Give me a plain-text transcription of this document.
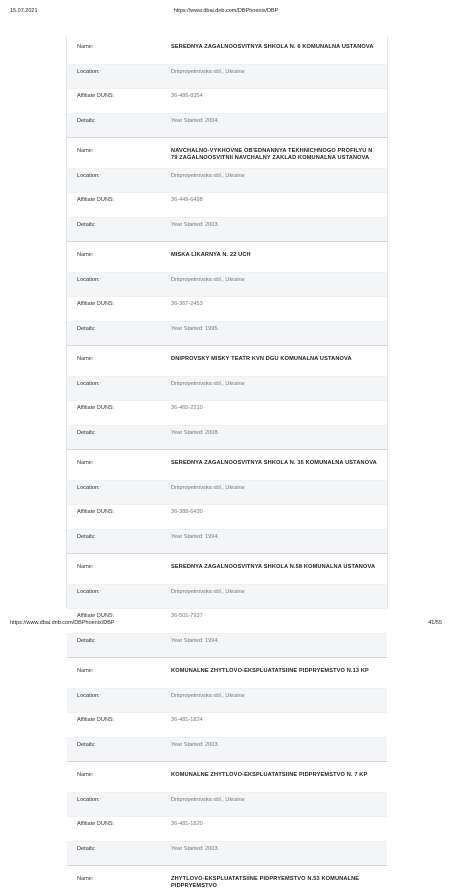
15.07.2021	https://www.dbai.dnb.com/DBPhoenix/DBP
Name:	SEREDNYA ZAGALNOOSVITNYA SHKOLA N. 6 KOMUNALNA USTANOVA
Location:	Dnipropetrovska obl., Ukraine
Affiliate DUNS:	36-486-8354
Details:	Year Started: 2004.
Name:	NAVCHALNO-VYKHOVNE OB'EDNANNYA TEKHNICHNOGO PROFILYU N 79 ZAGALNOOSVITNII NAVCHALNY ZAKLAD KOMUNALNA USTANOVA
Location:	Dnipropetrovska obl., Ukraine
Affiliate DUNS:	36-449-6498
Details:	Year Started: 2003.
Name:	MISKA LIKARNYA N. 22 UCH
Location:	Dnipropetrovska obl., Ukraine
Affiliate DUNS:	36-367-2453
Details:	Year Started: 1995.
Name:	DNIPROVSKY MISKY TEATR KVN DGU KOMUNALNA USTANOVA
Location:	Dnipropetrovska obl., Ukraine
Affiliate DUNS:	36-465-2210
Details:	Year Started: 2008.
Name:	SEREDNYA ZAGALNOOSVITNYA SHKOLA N. 35 KOMUNALNA USTANOVA
Location:	Dnipropetrovska obl., Ukraine
Affiliate DUNS:	36-388-6430
Details:	Year Started: 1994.
Name:	SEREDNYA ZAGALNOOSVITNYA SHKOLA N.58 KOMUNALNA USTANOVA
Location:	Dnipropetrovska obl., Ukraine
Affiliate DUNS:	36-501-7937
Details:	Year Started: 1994.
Name:	KOMUNALNE ZHYTLOVO-EKSPLUATATSIINE PIDPRYEMSTVO N.13 KP
Location:	Dnipropetrovska obl., Ukraine
Affiliate DUNS:	36-481-1824
Details:	Year Started: 2003.
Name:	KOMUNALNE ZHYTLOVO-EKSPLUATATSIINE PIDPRYEMSTVO N. 7 KP
Location:	Dnipropetrovska obl., Ukraine
Affiliate DUNS:	36-481-1820
Details:	Year Started: 2003.
Name:	ZHYTLOVO-EKSPLUATATSIINE PIDPRYEMSTVO N.53 KOMUNALNE PIDPRYEMSTVO
https://www.dbai.dnb.com/DBPhoenix/DBP	41/55
